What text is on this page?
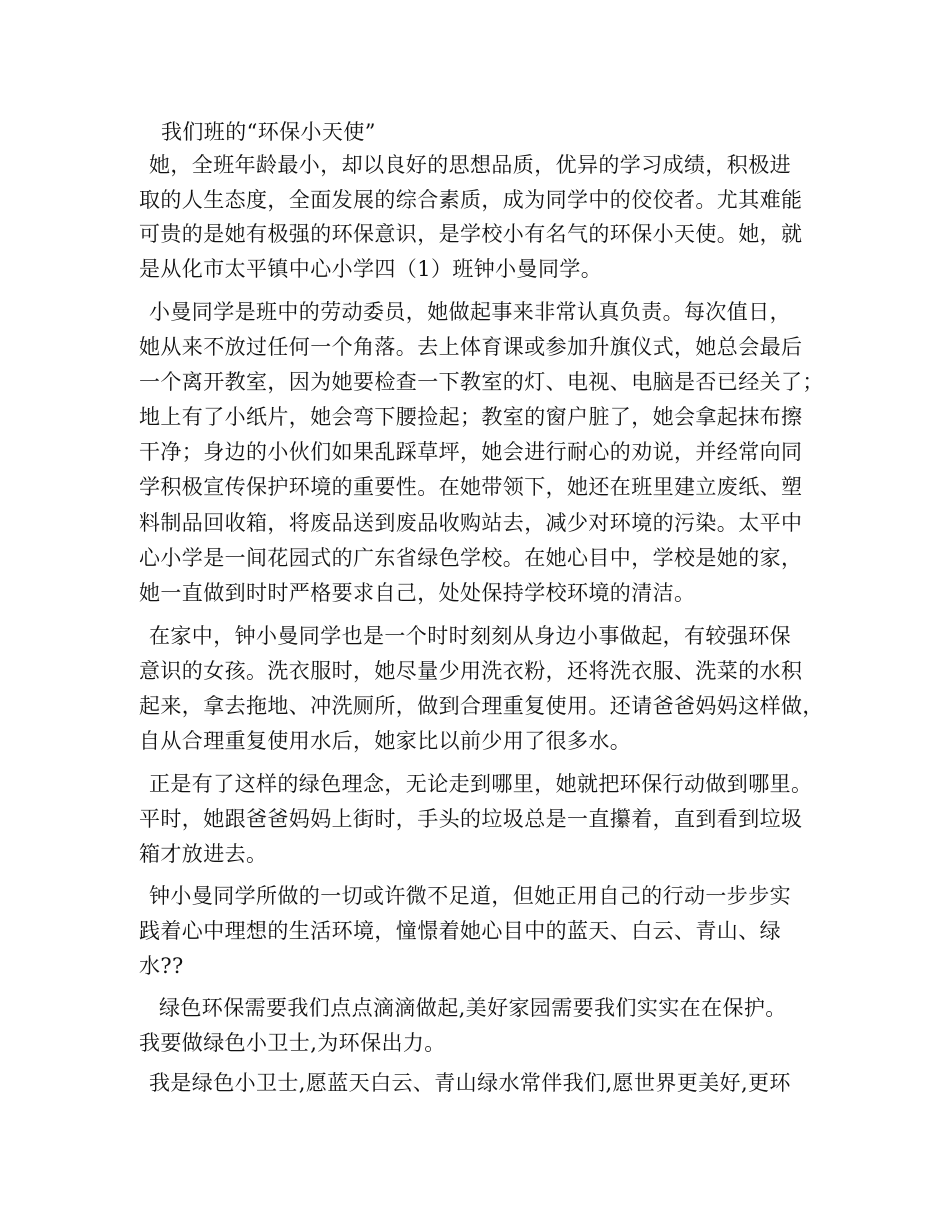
我们班的“环保小天使”
她，全班年龄最小，却以良好的思想品质，优异的学习成绩，积极进
取的人生态度，全面发展的综合素质，成为同学中的佼佼者。尤其难能
可贵的是她有极强的环保意识，是学校小有名气的环保小天使。她，就
是从化市太平镇中心小学四（1）班钟小曼同学。
小曼同学是班中的劳动委员，她做起事来非常认真负责。每次值日，
她从来不放过任何一个角落。去上体育课或参加升旗仪式，她总会最后
一个离开教室，因为她要检查一下教室的灯、电视、电脑是否已经关了；
地上有了小纸片，她会弯下腰捡起；教室的窗户脏了，她会拿起抹布擦
干净；身边的小伙们如果乱踩草坪，她会进行耐心的劝说，并经常向同
学积极宣传保护环境的重要性。在她带领下，她还在班里建立废纸、塑
料制品回收箱，将废品送到废品收购站去，减少对环境的污染。太平中
心小学是一间花园式的广东省绿色学校。在她心目中，学校是她的家，
她一直做到时时严格要求自己，处处保持学校环境的清洁。
在家中，钟小曼同学也是一个时时刻刻从身边小事做起，有较强环保
意识的女孩。洗衣服时，她尽量少用洗衣粉，还将洗衣服、洗菜的水积
起来，拿去拖地、冲洗厕所，做到合理重复使用。还请爸爸妈妈这样做，
自从合理重复使用水后，她家比以前少用了很多水。
正是有了这样的绿色理念，无论走到哪里，她就把环保行动做到哪里。
平时，她跟爸爸妈妈上街时，手头的垃圾总是一直攥着，直到看到垃圾
箱才放进去。
钟小曼同学所做的一切或许微不足道，但她正用自己的行动一步步实
践着心中理想的生活环境，憧憬着她心目中的蓝天、白云、青山、绿
水??
绿色环保需要我们点点滴滴做起,美好家园需要我们实实在在保护。
我要做绿色小卫士,为环保出力。
我是绿色小卫士,愿蓝天白云、青山绿水常伴我们,愿世界更美好,更环
